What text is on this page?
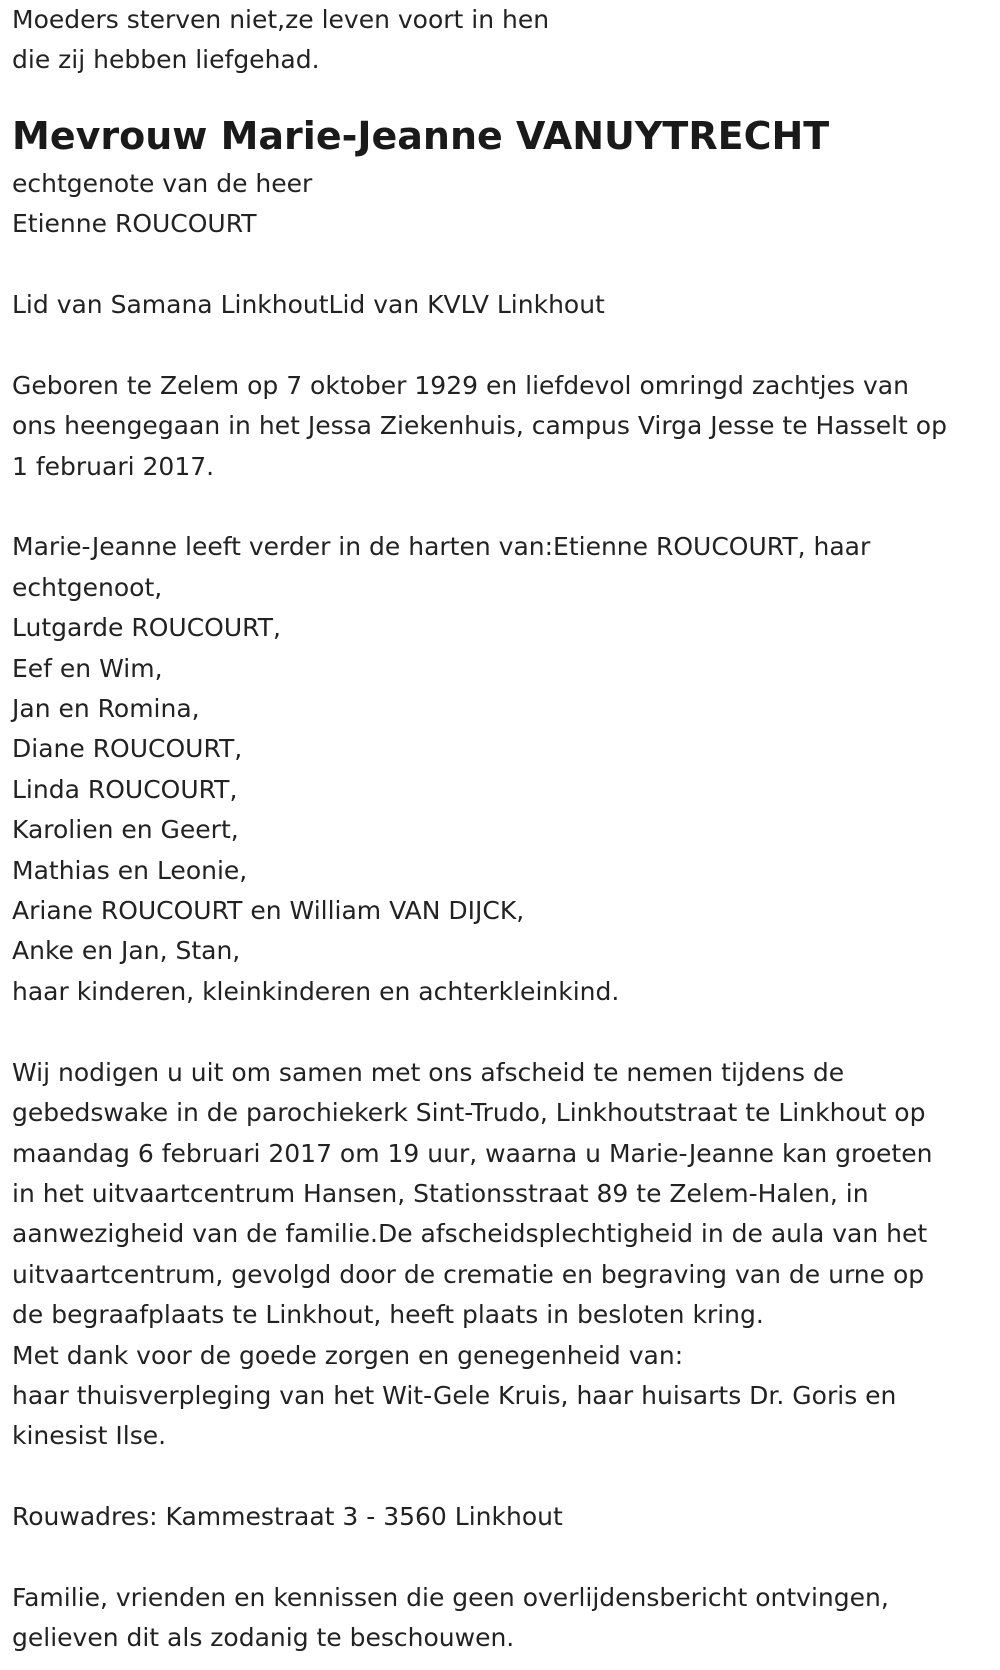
Moeders sterven niet,ze leven voort in hen

die zij hebben liefgehad.

Mevrouw Marie-Jeanne VANUYTRECHT

echtgenote van de heer

Etienne ROUCOURT

Lid van Samana LinkhoutLid van KVLV Linkhout

Geboren te Zelem op 7 oktober 1929 en liefdevol omringd zachtjes van

ons heengegaan in het Jessa Ziekenhuis, campus Virga Jesse te Hasselt op

1 februari 2017.

Marie-Jeanne leeft verder in de harten van:Etienne ROUCOURT, haar

echtgenoot,

Lutgarde ROUCOURT,

Eef en Wim,

Jan en Romina,

Diane ROUCOURT,

Linda ROUCOURT,

Karolien en Geert,

Mathias en Leonie,

Ariane ROUCOURT en William VAN DIJCK,

Anke en Jan, Stan,

haar kinderen, kleinkinderen en achterkleinkind.

Wij nodigen u uit om samen met ons afscheid te nemen tijdens de

gebedswake in de parochiekerk Sint-Trudo, Linkhoutstraat te Linkhout op

maandag 6 februari 2017 om 19 uur, waarna u Marie-Jeanne kan groeten

in het uitvaartcentrum Hansen, Stationsstraat 89 te Zelem-Halen, in

aanwezigheid van de familie.De afscheidsplechtigheid in de aula van het

uitvaartcentrum, gevolgd door de crematie en begraving van de urne op

de begraafplaats te Linkhout, heeft plaats in besloten kring.

Met dank voor de goede zorgen en genegenheid van:

haar thuisverpleging van het Wit-Gele Kruis, haar huisarts Dr. Goris en

kinesist Ilse.

Rouwadres: Kammestraat 3 - 3560 Linkhout

Familie, vrienden en kennissen die geen overlijdensbericht ontvingen,

gelieven dit als zodanig te beschouwen.
